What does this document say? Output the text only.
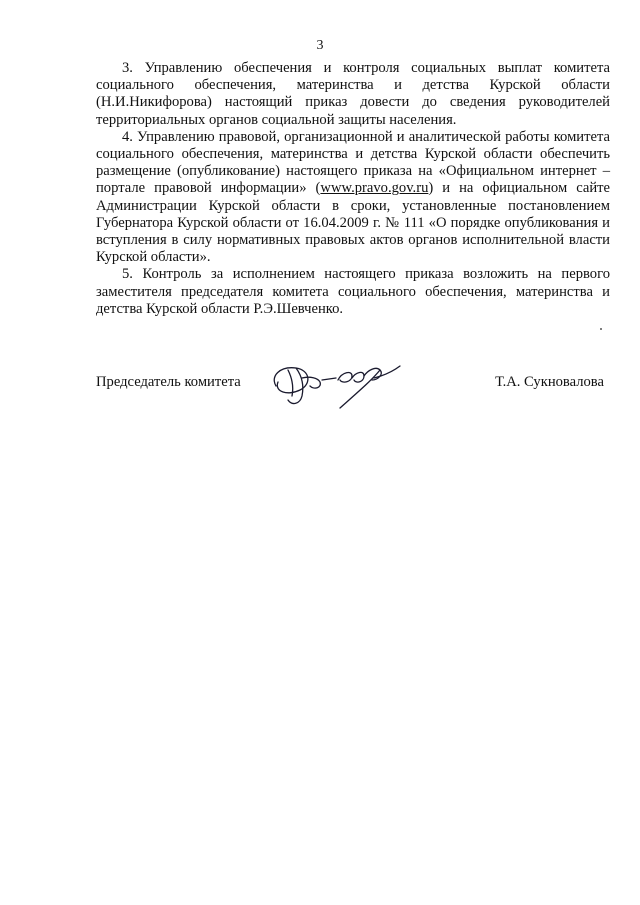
3

3. Управлению обеспечения и контроля социальных выплат комитета социального обеспечения, материнства и детства Курской области (Н.И.Никифорова) настоящий приказ довести до сведения руководителей территориальных органов социальной защиты населения.

4. Управлению правовой, организационной и аналитической работы комитета социального обеспечения, материнства и детства Курской области обеспечить размещение (опубликование) настоящего приказа на «Официальном интернет – портале правовой информации» (www.pravo.gov.ru) и на официальном сайте Администрации Курской области в сроки, установленные постановлением Губернатора Курской области от 16.04.2009 г. № 111 «О порядке опубликования и вступления в силу нормативных правовых актов органов исполнительной власти Курской области».

5. Контроль за исполнением настоящего приказа возложить на первого заместителя председателя комитета социального обеспечения, материнства и детства Курской области Р.Э.Шевченко.

Председатель комитета	Т.А. Сукновалова
